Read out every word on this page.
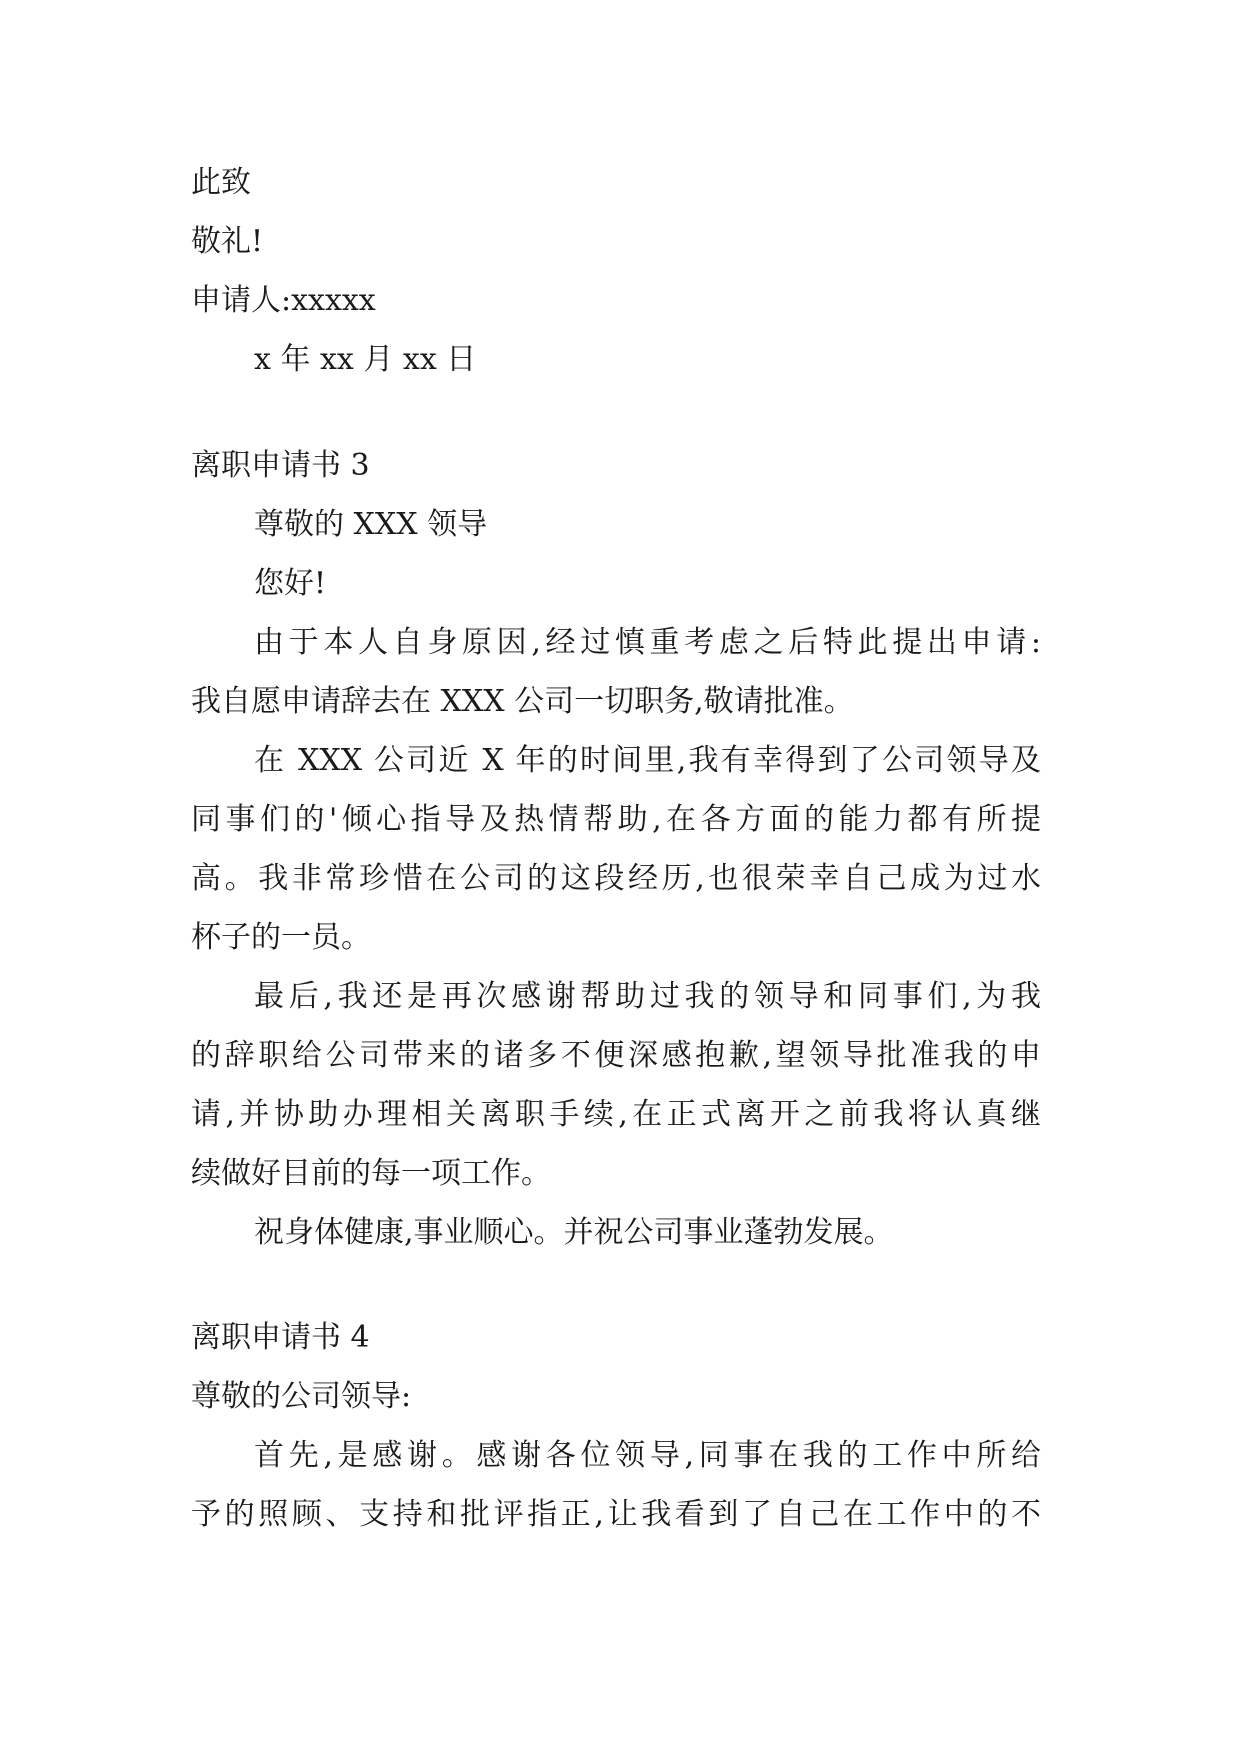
此致
敬礼!
申请人:xxxxx
x 年 xx 月 xx 日
离职申请书 3
尊敬的 XXX 领导
您好!
由于本人自身原因,经过慎重考虑之后特此提出申请:
我自愿申请辞去在 XXX 公司一切职务,敬请批准。
在 XXX 公司近 X 年的时间里,我有幸得到了公司领导及
同事们的'倾心指导及热情帮助,在各方面的能力都有所提
高。我非常珍惜在公司的这段经历,也很荣幸自己成为过水
杯子的一员。
最后,我还是再次感谢帮助过我的领导和同事们,为我
的辞职给公司带来的诸多不便深感抱歉,望领导批准我的申
请,并协助办理相关离职手续,在正式离开之前我将认真继
续做好目前的每一项工作。
祝身体健康,事业顺心。并祝公司事业蓬勃发展。
离职申请书 4
尊敬的公司领导:
首先,是感谢。感谢各位领导,同事在我的工作中所给
予的照顾、支持和批评指正,让我看到了自己在工作中的不
